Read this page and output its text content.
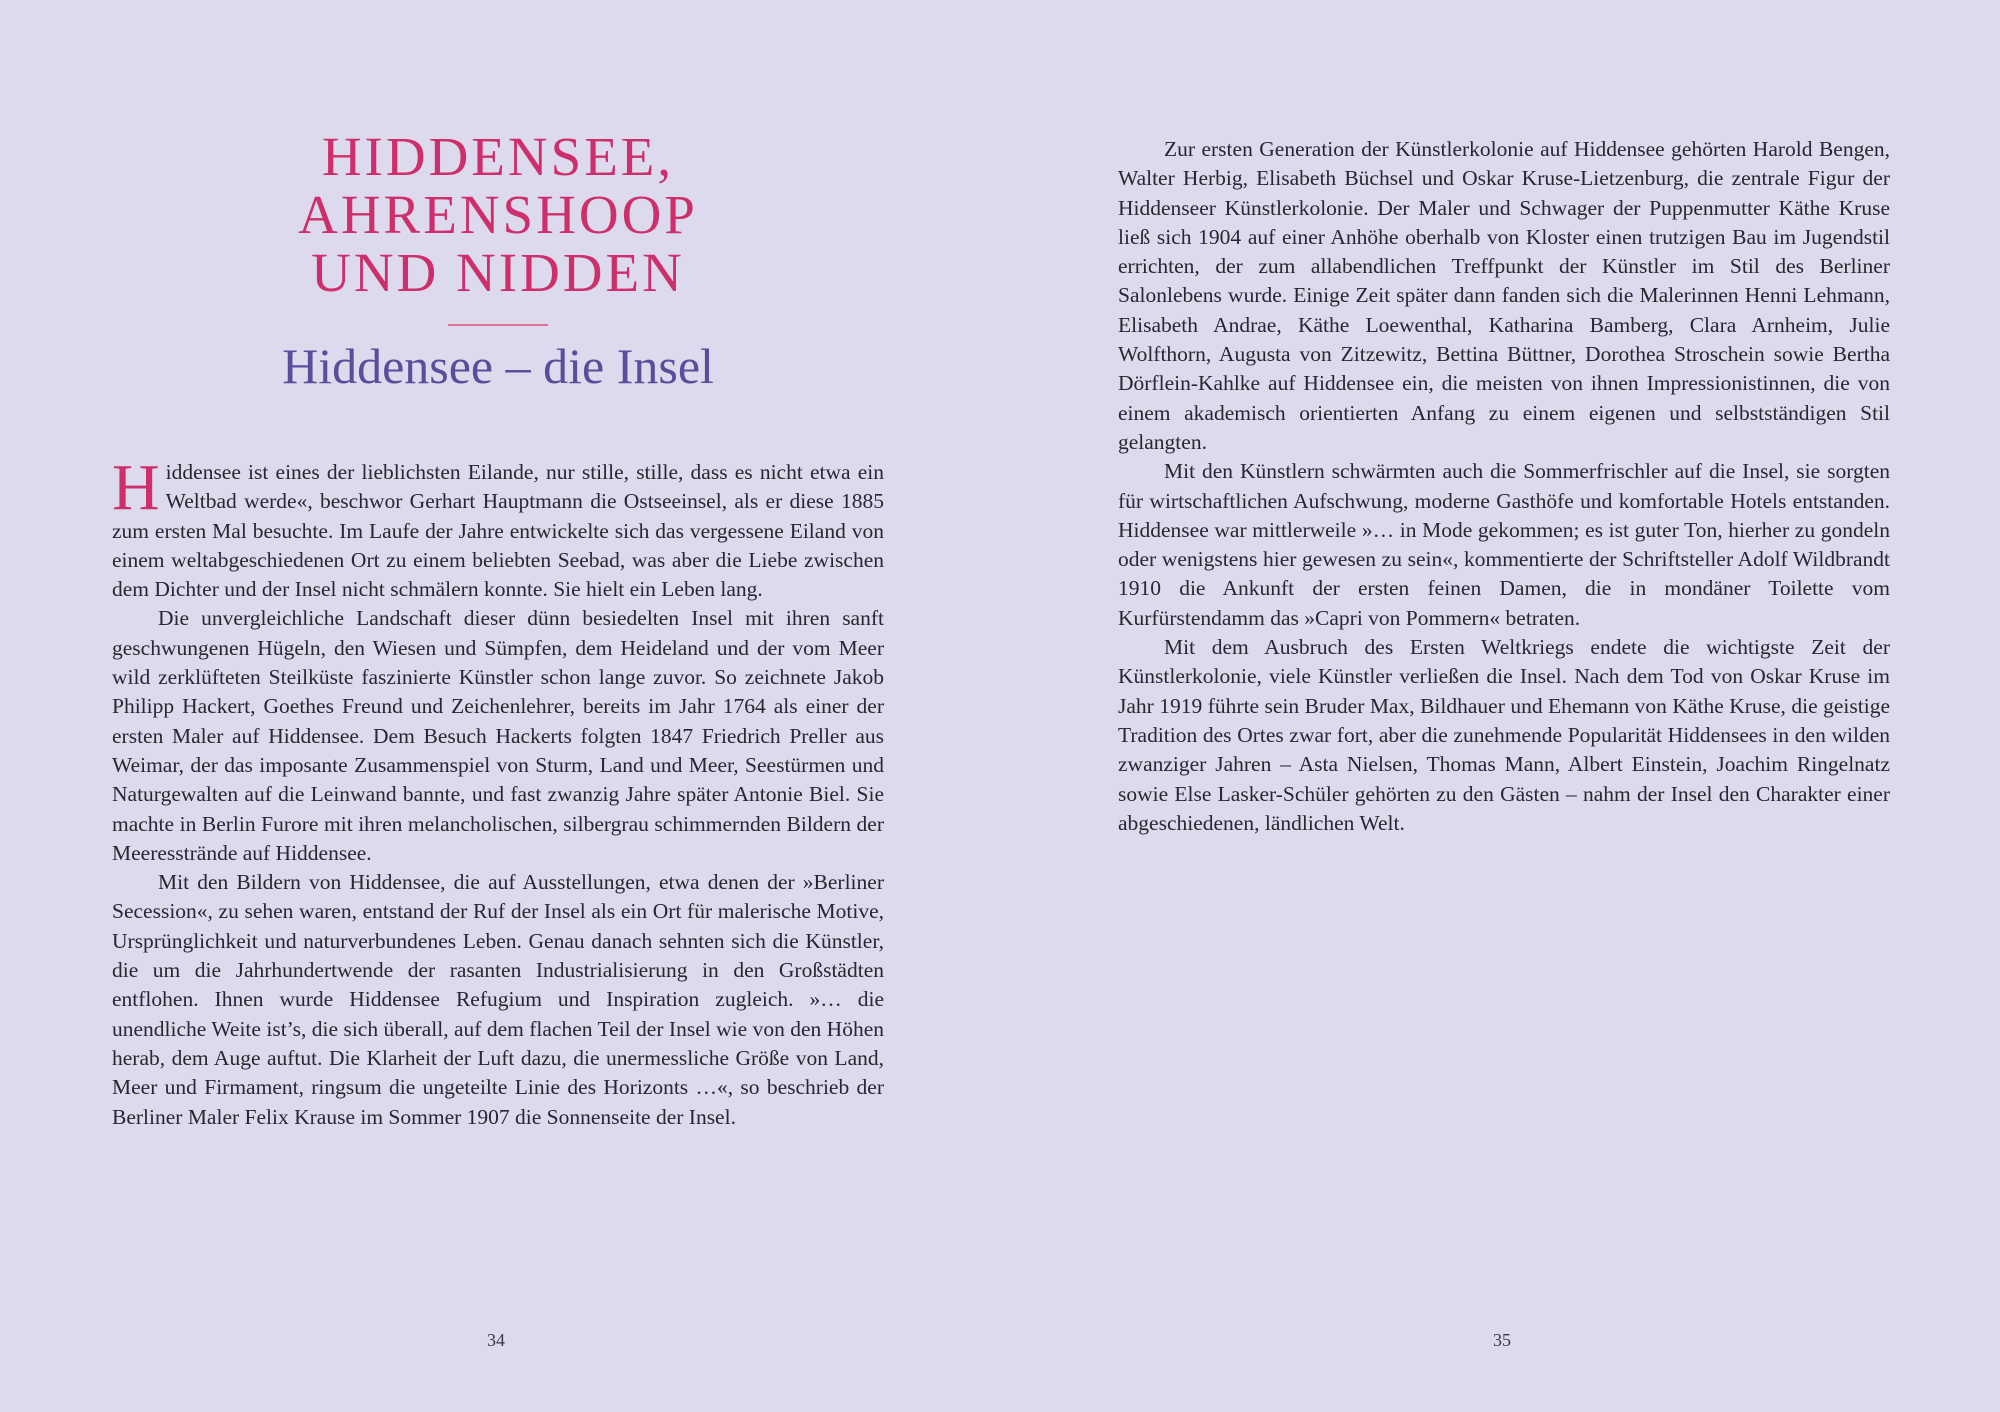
HIDDENSEE,
AHRENSHOOP
UND NIDDEN
Hiddensee – die Insel

Hiddensee ist eines der lieblichsten Eilande, nur stille, stille, dass es nicht etwa ein Weltbad werde«, beschwor Gerhart Hauptmann die Ostseeinsel, als er diese 1885 zum ersten Mal besuchte. Im Laufe der Jahre entwickelte sich das vergessene Eiland von einem weltabgeschiedenen Ort zu einem beliebten Seebad, was aber die Liebe zwischen dem Dichter und der Insel nicht schmälern konnte. Sie hielt ein Leben lang.

Die unvergleichliche Landschaft dieser dünn besiedelten Insel mit ihren sanft geschwungenen Hügeln, den Wiesen und Sümpfen, dem Heideland und der vom Meer wild zerklüfteten Steilküste faszinierte Künstler schon lange zuvor. So zeichnete Jakob Philipp Hackert, Goethes Freund und Zeichenlehrer, bereits im Jahr 1764 als einer der ersten Maler auf Hiddensee. Dem Besuch Hackerts folgten 1847 Friedrich Preller aus Weimar, der das imposante Zusammenspiel von Sturm, Land und Meer, Seestürmen und Naturgewalten auf die Leinwand bannte, und fast zwanzig Jahre später Antonie Biel. Sie machte in Berlin Furore mit ihren melancholischen, silbergrau schimmernden Bildern der Meeresstrände auf Hiddensee.

Mit den Bildern von Hiddensee, die auf Ausstellungen, etwa denen der »Berliner Secession«, zu sehen waren, entstand der Ruf der Insel als ein Ort für malerische Motive, Ursprünglichkeit und naturverbundenes Leben. Genau danach sehnten sich die Künstler, die um die Jahrhundertwende der rasanten Industrialisierung in den Großstädten entflohen. Ihnen wurde Hiddensee Refugium und Inspiration zugleich. »… die unendliche Weite ist’s, die sich überall, auf dem flachen Teil der Insel wie von den Höhen herab, dem Auge auftut. Die Klarheit der Luft dazu, die unermessliche Größe von Land, Meer und Firmament, ringsum die ungeteilte Linie des Horizonts …«, so beschrieb der Berliner Maler Felix Krause im Sommer 1907 die Sonnenseite der Insel.

34

Zur ersten Generation der Künstlerkolonie auf Hiddensee gehörten Harold Bengen, Walter Herbig, Elisabeth Büchsel und Oskar Kruse-Lietzenburg, die zentrale Figur der Hiddenseer Künstlerkolonie. Der Maler und Schwager der Puppenmutter Käthe Kruse ließ sich 1904 auf einer Anhöhe oberhalb von Kloster einen trutzigen Bau im Jugendstil errichten, der zum allabendlichen Treffpunkt der Künstler im Stil des Berliner Salonlebens wurde. Einige Zeit später dann fanden sich die Malerinnen Henni Lehmann, Elisabeth Andrae, Käthe Loewenthal, Katharina Bamberg, Clara Arnheim, Julie Wolfthorn, Augusta von Zitzewitz, Bettina Büttner, Dorothea Stroschein sowie Bertha Dörflein-Kahlke auf Hiddensee ein, die meisten von ihnen Impressionistinnen, die von einem akademisch orientierten Anfang zu einem eigenen und selbstständigen Stil gelangten.

Mit den Künstlern schwärmten auch die Sommerfrischler auf die Insel, sie sorgten für wirtschaftlichen Aufschwung, moderne Gasthöfe und komfortable Hotels entstanden. Hiddensee war mittlerweile »… in Mode gekommen; es ist guter Ton, hierher zu gondeln oder wenigstens hier gewesen zu sein«, kommentierte der Schriftsteller Adolf Wildbrandt 1910 die Ankunft der ersten feinen Damen, die in mondäner Toilette vom Kurfürstendamm das »Capri von Pommern« betraten.

Mit dem Ausbruch des Ersten Weltkriegs endete die wichtigste Zeit der Künstlerkolonie, viele Künstler verließen die Insel. Nach dem Tod von Oskar Kruse im Jahr 1919 führte sein Bruder Max, Bildhauer und Ehemann von Käthe Kruse, die geistige Tradition des Ortes zwar fort, aber die zunehmende Popularität Hiddensees in den wilden zwanziger Jahren – Asta Nielsen, Thomas Mann, Albert Einstein, Joachim Ringelnatz sowie Else Lasker-Schüler gehörten zu den Gästen – nahm der Insel den Charakter einer abgeschiedenen, ländlichen Welt.

35
